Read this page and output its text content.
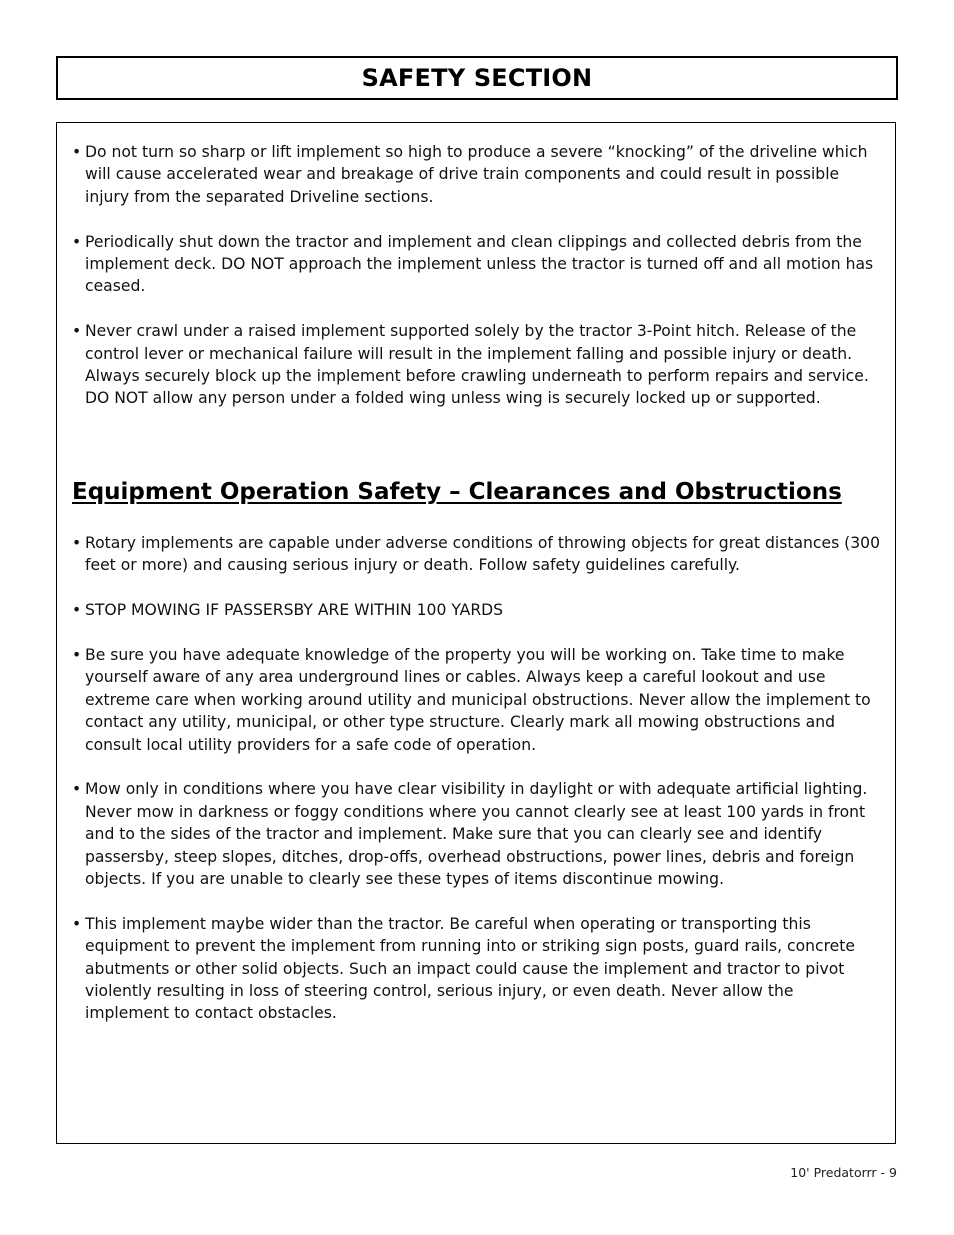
SAFETY SECTION
• Do not turn so sharp or lift implement so high to produce a severe “knocking” of the driveline which will cause accelerated wear and breakage of drive train components and could result in possible injury from the separated Driveline sections.
• Periodically shut down the tractor and implement and clean clippings and collected debris from the implement deck. DO NOT approach the implement unless the tractor is turned off and all motion has ceased.
• Never crawl under a raised implement supported solely by the tractor 3-Point hitch. Release of the control lever or mechanical failure will result in the implement falling and possible injury or death. Always securely block up the implement before crawling underneath to perform repairs and service. DO NOT allow any person under a folded wing unless wing is securely locked up or supported.
Equipment Operation Safety – Clearances and Obstructions
• Rotary implements are capable under adverse conditions of throwing objects for great distances (300 feet or more) and causing serious injury or death. Follow safety guidelines carefully.
• STOP MOWING IF PASSERSBY ARE WITHIN 100 YARDS
• Be sure you have adequate knowledge of the property you will be working on. Take time to make yourself aware of any area underground lines or cables. Always keep a careful lookout and use extreme care when working around utility and municipal obstructions. Never allow the implement to contact any utility, municipal, or other type structure. Clearly mark all mowing obstructions and consult local utility providers for a safe code of operation.
• Mow only in conditions where you have clear visibility in daylight or with adequate artificial lighting. Never mow in darkness or foggy conditions where you cannot clearly see at least 100 yards in front and to the sides of the tractor and implement. Make sure that you can clearly see and identify passersby, steep slopes, ditches, drop-offs, overhead obstructions, power lines, debris and foreign objects. If you are unable to clearly see these types of items discontinue mowing.
• This implement maybe wider than the tractor. Be careful when operating or transporting this equipment to prevent the implement from running into or striking sign posts, guard rails, concrete abutments or other solid objects. Such an impact could cause the implement and tractor to pivot violently resulting in loss of steering control, serious injury, or even death. Never allow the implement to contact obstacles.
10' Predatorrr - 9
